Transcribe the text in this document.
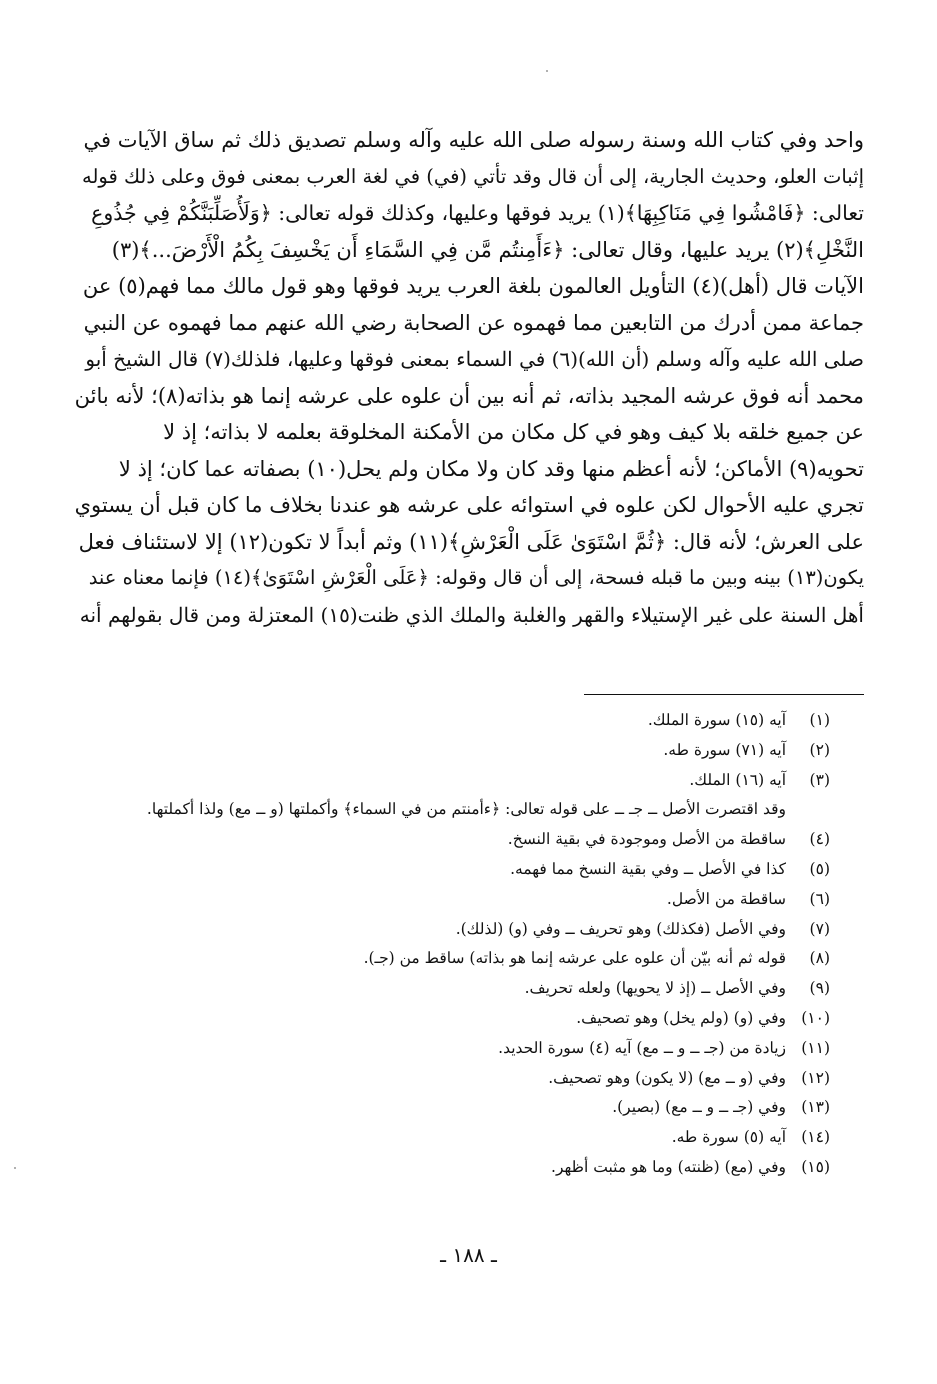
واحد وفي كتاب الله وسنة رسوله صلى الله عليه وآله وسلم تصديق ذلك ثم ساق الآيات في
إثبات العلو، وحديث الجارية، إلى أن قال وقد تأتي (في) في لغة العرب بمعنى فوق وعلى ذلك قوله
تعالى: ﴿فَامْشُوا فِي مَنَاكِبِهَا﴾(١) يريد فوقها وعليها، وكذلك قوله تعالى: ﴿وَلَأُصَلِّبَنَّكُمْ فِي جُذُوعِ
النَّخْلِ﴾(٢) يريد عليها، وقال تعالى: ﴿ءَأَمِنتُم مَّن فِي السَّمَاءِ أَن يَخْسِفَ بِكُمُ الْأَرْضَ...﴾(٣)
الآيات قال (أهل)(٤) التأويل العالمون بلغة العرب يريد فوقها وهو قول مالك مما فهم(٥) عن
جماعة ممن أدرك من التابعين مما فهموه عن الصحابة رضي الله عنهم مما فهموه عن النبي
صلى الله عليه وآله وسلم (أن الله)(٦) في السماء بمعنى فوقها وعليها، فلذلك(٧) قال الشيخ أبو
محمد أنه فوق عرشه المجيد بذاته، ثم أنه بين أن علوه على عرشه إنما هو بذاته(٨)؛ لأنه بائن
عن جميع خلقه بلا كيف وهو في كل مكان من الأمكنة المخلوقة بعلمه لا بذاته؛ إذ لا
تحويه(٩) الأماكن؛ لأنه أعظم منها وقد كان ولا مكان ولم يحل(١٠) بصفاته عما كان؛ إذ لا
تجري عليه الأحوال لكن علوه في استوائه على عرشه هو عندنا بخلاف ما كان قبل أن يستوي
على العرش؛ لأنه قال: ﴿ثُمَّ اسْتَوَىٰ عَلَى الْعَرْشِ﴾(١١) وثم أبداً لا تكون(١٢) إلا لاستئناف فعل
يكون(١٣) بينه وبين ما قبله فسحة، إلى أن قال وقوله: ﴿عَلَى الْعَرْشِ اسْتَوَىٰ﴾(١٤) فإنما معناه عند
أهل السنة على غير الإستيلاء والقهر والغلبة والملك الذي ظنت(١٥) المعتزلة ومن قال بقولهم أنه
(١)
آيه (١٥) سورة الملك.
(٢)
آيه (٧١) سورة طه.
(٣)
آيه (١٦) الملك.
وقد اقتصرت الأصل ــ جـ ــ على قوله تعالى: ﴿ءأمنتم من في السماء﴾ وأكملتها (و ــ مع) ولذا أكملتها.
(٤)
ساقطة من الأصل وموجودة في بقية النسخ.
(٥)
كذا في الأصل ــ وفي بقية النسخ مما فهمه.
(٦)
ساقطة من الأصل.
(٧)
وفي الأصل (فكذلك) وهو تحريف ــ وفي (و) (لذلك).
(٨)
قوله ثم أنه بيّن أن علوه على عرشه إنما هو بذاته) ساقط من (جـ).
(٩)
وفي الأصل ــ (إذ لا يحويها) ولعله تحريف.
(١٠)
وفي (و) (ولم يخل) وهو تصحيف.
(١١)
زيادة من (جـ ــ و ــ مع) آيه (٤) سورة الحديد.
(١٢)
وفي (و ــ مع) (لا يكون) وهو تصحيف.
(١٣)
وفي (جـ ــ و ــ مع) (بصير).
(١٤)
آيه (٥) سورة طه.
(١٥)
وفي (مع) (ظنته) وما هو مثبت أظهر.
ـ ١٨٨ ـ
